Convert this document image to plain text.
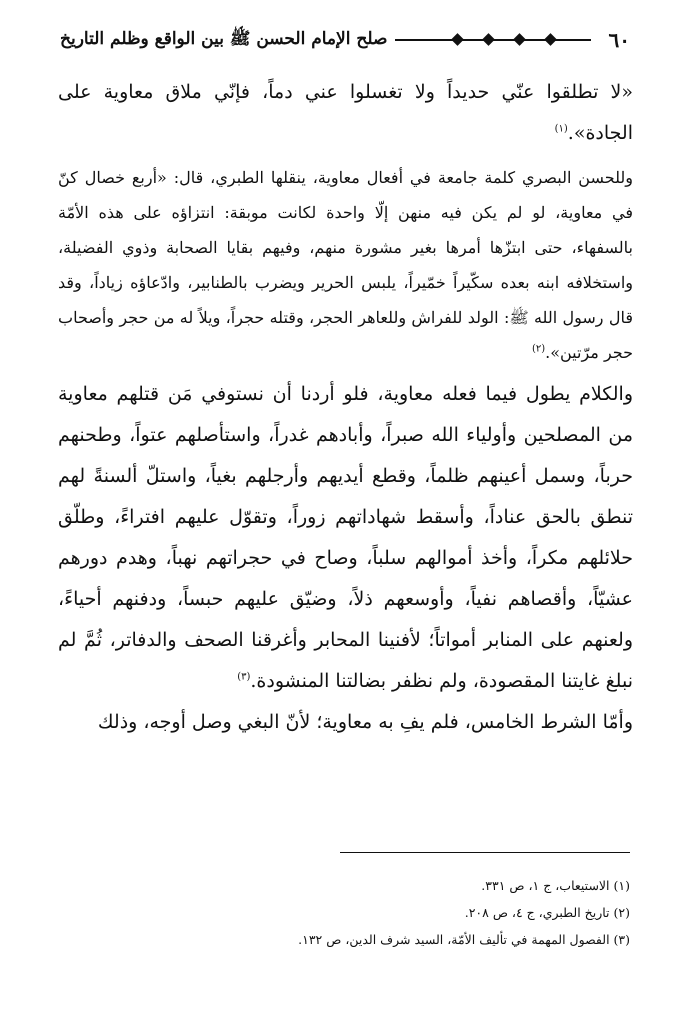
٦٠
صلح الإمام الحسن ﷺ بين الواقع وظلم التاريخ

«لا تطلقوا عنّي حديداً ولا تغسلوا عني دماً، فإنّي ملاق معاوية على الجادة».$^{(١)}$

وللحسن البصري كلمة جامعة في أفعال معاوية، ينقلها الطبري، قال: «أربع خصال كنّ في معاوية، لو لم يكن فيه منهن إلّا واحدة لكانت موبقة: انتزاؤه على هذه الأمّة بالسفهاء، حتى ابتزّها أمرها بغير مشورة منهم، وفيهم بقايا الصحابة وذوي الفضيلة، واستخلافه ابنه بعده سكّيراً خمّيراً، يلبس الحرير ويضرب بالطنابير، وادّعاؤه زياداً، وقد قال رسول الله ﷺ: الولد للفراش وللعاهر الحجر، وقتله حجراً، ويلاً له من حجر وأصحاب حجر مرّتين».$^{(٢)}$

والكلام يطول فيما فعله معاوية، فلو أردنا أن نستوفي مَن قتلهم معاوية من المصلحين وأولياء الله صبراً، وأبادهم غدراً، واستأصلهم عتواً، وطحنهم حرباً، وسمل أعينهم ظلماً، وقطع أيديهم وأرجلهم بغياً، واستلّ ألسنةً لهم تنطق بالحق عناداً، وأسقط شهاداتهم زوراً، وتقوّل عليهم افتراءً، وطلّق حلائلهم مكراً، وأخذ أموالهم سلباً، وصاح في حجراتهم نهباً، وهدم دورهم عشيّاً، وأقصاهم نفياً، وأوسعهم ذلاً، وضيّق عليهم حبساً، ودفنهم أحياءً، ولعنهم على المنابر أمواتاً؛ لأفنينا المحابر وأغرقنا الصحف والدفاتر، ثُمَّ لم نبلغ غايتنا المقصودة، ولم نظفر بضالتنا المنشودة.$^{(٣)}$

وأمّا الشرط الخامس، فلم يفِ به معاوية؛ لأنّ البغي وصل أوجه، وذلك

(١) الاستيعاب، ج ١، ص ٣٣١.

(٢) تاريخ الطبري، ج ٤، ص ٢٠٨.

(٣) الفصول المهمة في تأليف الأمّة، السيد شرف الدين، ص ١٣٢.
